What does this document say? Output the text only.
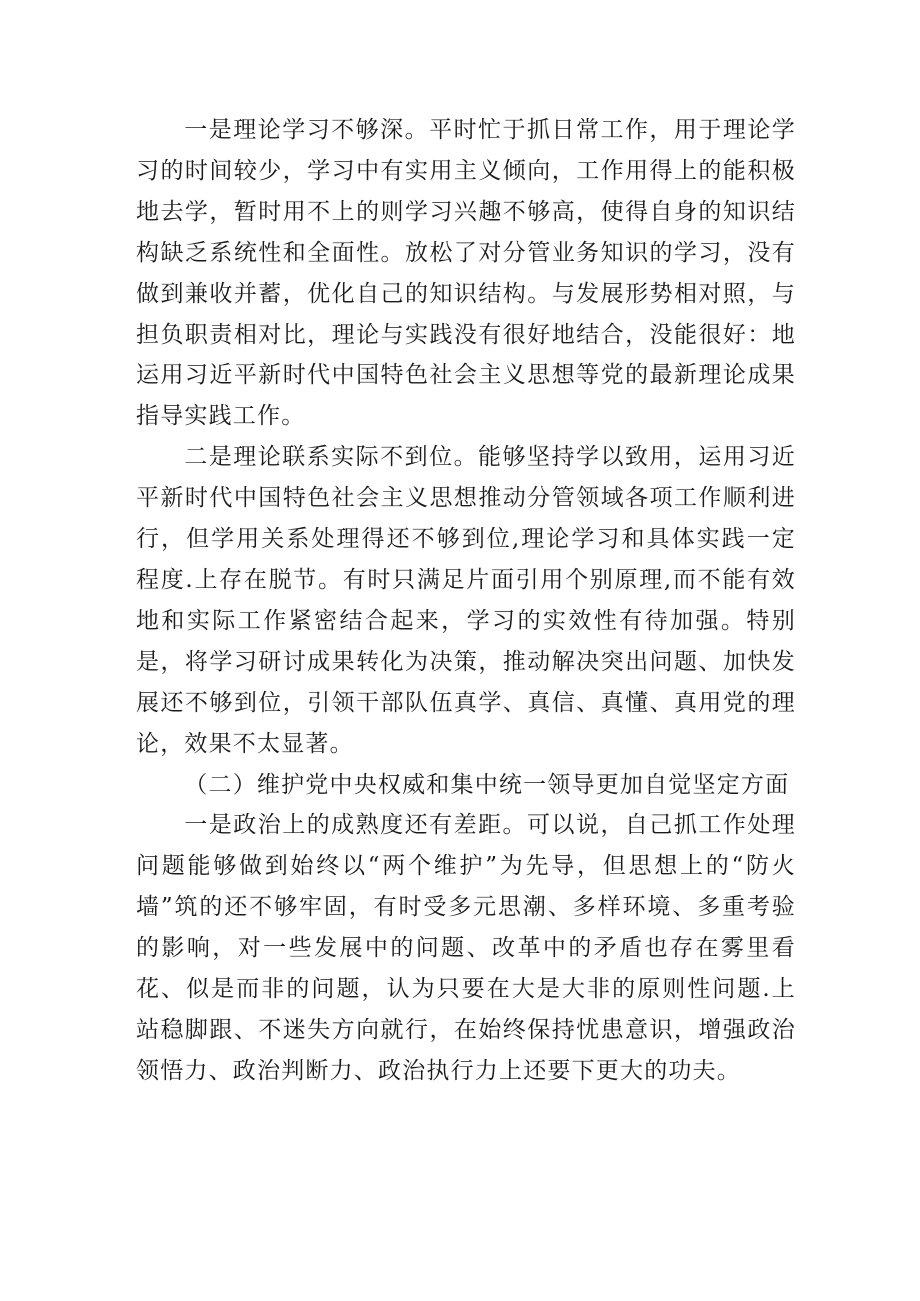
一是理论学习不够深。平时忙于抓日常工作，用于理论学习的时间较少，学习中有实用主义倾向，工作用得上的能积极地去学，暂时用不上的则学习兴趣不够高，使得自身的知识结构缺乏系统性和全面性。放松了对分管业务知识的学习，没有做到兼收并蓄，优化自己的知识结构。与发展形势相对照，与担负职责相对比，理论与实践没有很好地结合，没能很好：地运用习近平新时代中国特色社会主义思想等党的最新理论成果指导实践工作。

二是理论联系实际不到位。能够坚持学以致用，运用习近平新时代中国特色社会主义思想推动分管领域各项工作顺利进行，但学用关系处理得还不够到位,理论学习和具体实践一定程度.上存在脱节。有时只满足片面引用个别原理,而不能有效地和实际工作紧密结合起来，学习的实效性有待加强。特别是，将学习研讨成果转化为决策，推动解决突出问题、加快发展还不够到位，引领干部队伍真学、真信、真懂、真用党的理论，效果不太显著。

（二）维护党中央权威和集中统一领导更加自觉坚定方面

一是政治上的成熟度还有差距。可以说，自己抓工作处理问题能够做到始终以“两个维护”为先导，但思想上的“防火墙”筑的还不够牢固，有时受多元思潮、多样环境、多重考验的影响，对一些发展中的问题、改革中的矛盾也存在雾里看花、似是而非的问题，认为只要在大是大非的原则性问题.上站稳脚跟、不迷失方向就行，在始终保持忧患意识，增强政治领悟力、政治判断力、政治执行力上还要下更大的功夫。
